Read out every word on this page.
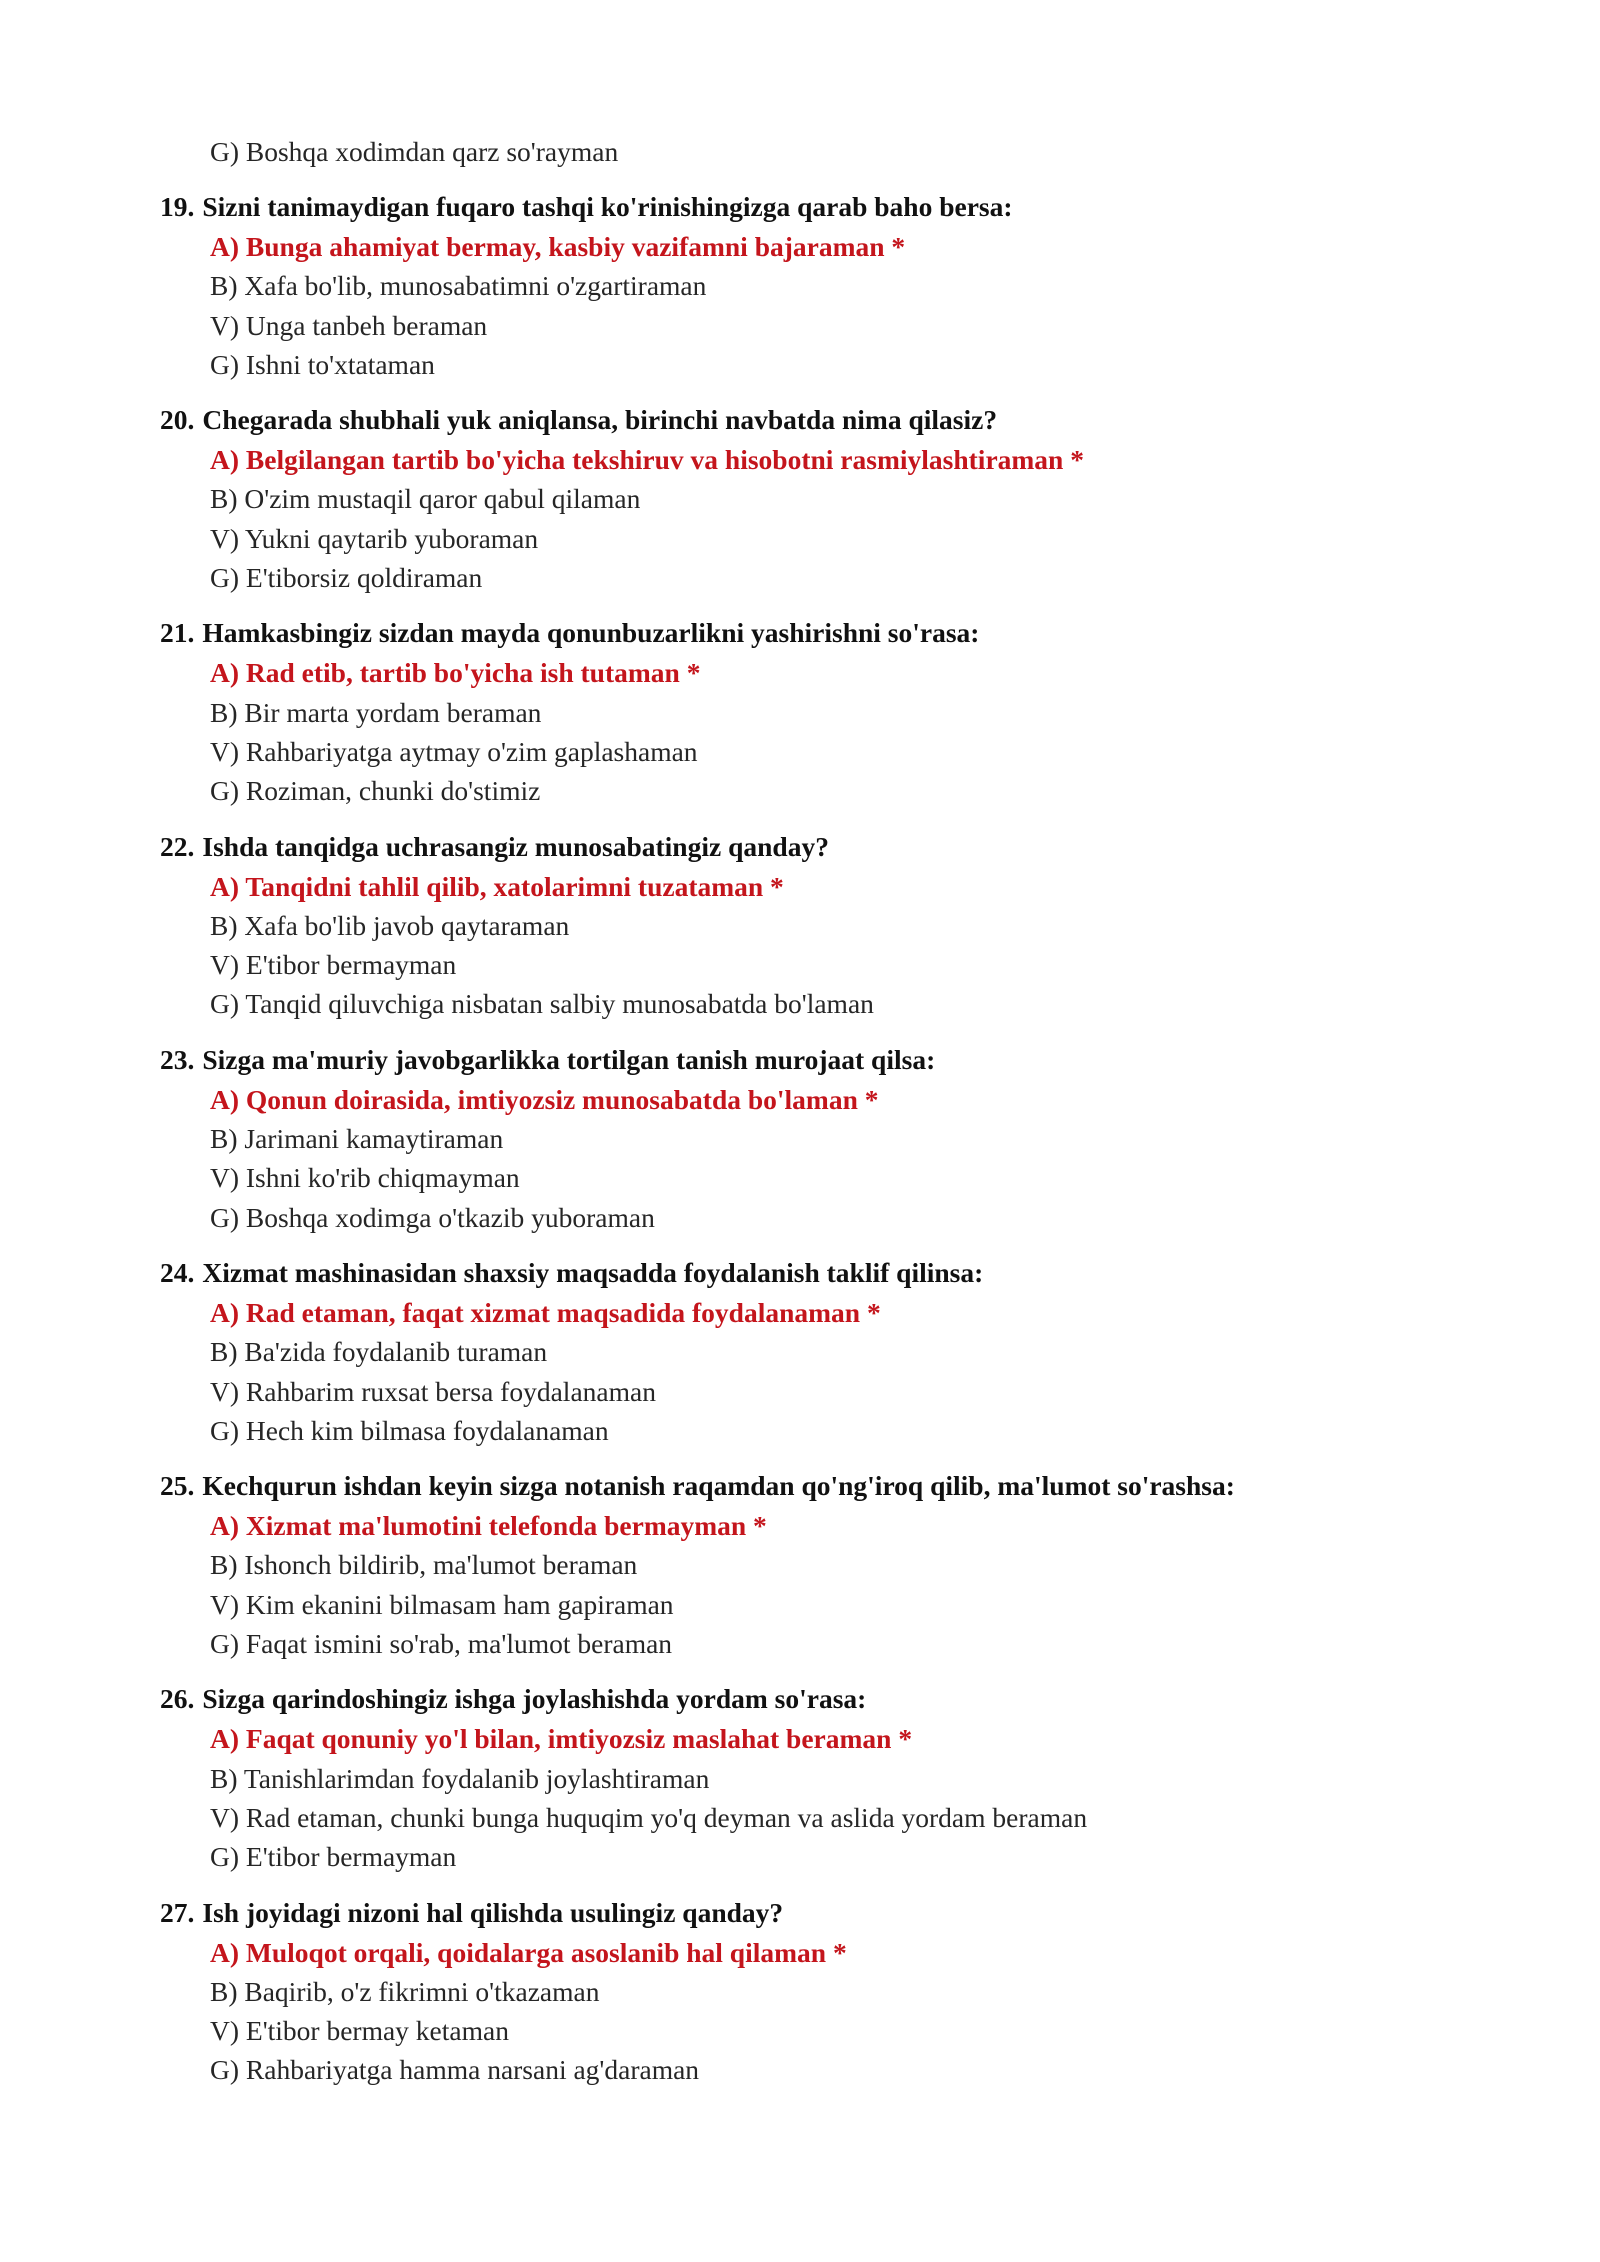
G) Boshqa xodimdan qarz so'rayman

19. Sizni tanimaydigan fuqaro tashqi ko'rinishingizga qarab baho bersa:

A) Bunga ahamiyat bermay, kasbiy vazifamni bajaraman *

B) Xafa bo'lib, munosabatimni o'zgartiraman

V) Unga tanbeh beraman

G) Ishni to'xtataman

20. Chegarada shubhali yuk aniqlansa, birinchi navbatda nima qilasiz?

A) Belgilangan tartib bo'yicha tekshiruv va hisobotni rasmiylashtiraman *

B) O'zim mustaqil qaror qabul qilaman

V) Yukni qaytarib yuboraman

G) E'tiborsiz qoldiraman

21. Hamkasbingiz sizdan mayda qonunbuzarlikni yashirishni so'rasa:

A) Rad etib, tartib bo'yicha ish tutaman *

B) Bir marta yordam beraman

V) Rahbariyatga aytmay o'zim gaplashaman

G) Roziman, chunki do'stimiz

22. Ishda tanqidga uchrasangiz munosabatingiz qanday?

A) Tanqidni tahlil qilib, xatolarimni tuzataman *

B) Xafa bo'lib javob qaytaraman

V) E'tibor bermayman

G) Tanqid qiluvchiga nisbatan salbiy munosabatda bo'laman

23. Sizga ma'muriy javobgarlikka tortilgan tanish murojaat qilsa:

A) Qonun doirasida, imtiyozsiz munosabatda bo'laman *

B) Jarimani kamaytiraman

V) Ishni ko'rib chiqmayman

G) Boshqa xodimga o'tkazib yuboraman

24. Xizmat mashinasidan shaxsiy maqsadda foydalanish taklif qilinsa:

A) Rad etaman, faqat xizmat maqsadida foydalanaman *

B) Ba'zida foydalanib turaman

V) Rahbarim ruxsat bersa foydalanaman

G) Hech kim bilmasa foydalanaman

25. Kechqurun ishdan keyin sizga notanish raqamdan qo'ng'iroq qilib, ma'lumot so'rashsa:

A) Xizmat ma'lumotini telefonda bermayman *

B) Ishonch bildirib, ma'lumot beraman

V) Kim ekanini bilmasam ham gapiraman

G) Faqat ismini so'rab, ma'lumot beraman

26. Sizga qarindoshingiz ishga joylashishda yordam so'rasa:

A) Faqat qonuniy yo'l bilan, imtiyozsiz maslahat beraman *

B) Tanishlarimdan foydalanib joylashtiraman

V) Rad etaman, chunki bunga huquqim yo'q deyman va aslida yordam beraman

G) E'tibor bermayman

27. Ish joyidagi nizoni hal qilishda usulingiz qanday?

A) Muloqot orqali, qoidalarga asoslanib hal qilaman *

B) Baqirib, o'z fikrimni o'tkazaman

V) E'tibor bermay ketaman

G) Rahbariyatga hamma narsani ag'daraman
